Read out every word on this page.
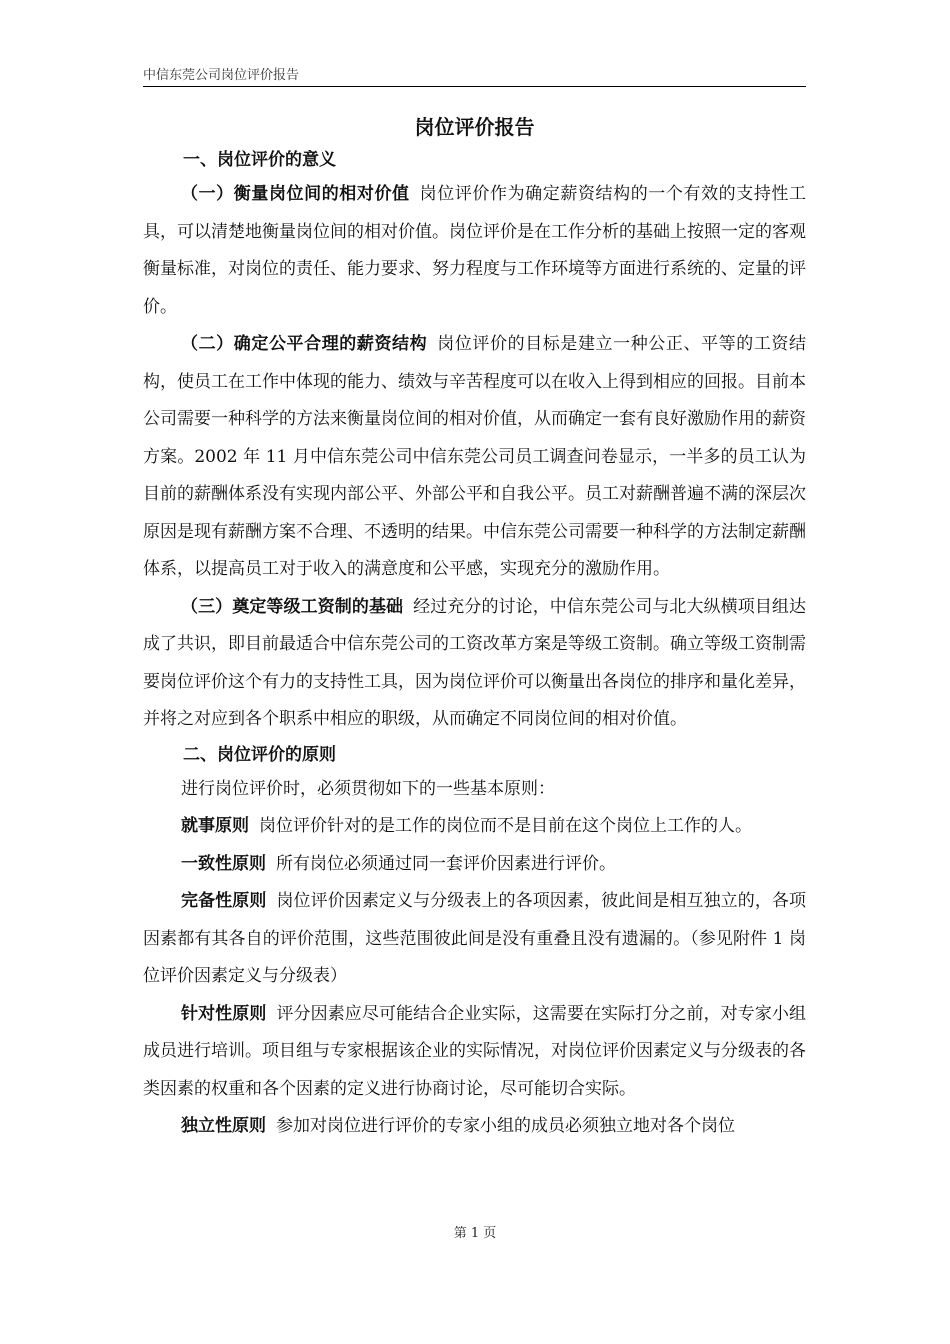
中信东莞公司岗位评价报告
岗位评价报告
一、岗位评价的意义

（一）衡量岗位间的相对价值 岗位评价作为确定薪资结构的一个有效的支持性工具，可以清楚地衡量岗位间的相对价值。岗位评价是在工作分析的基础上按照一定的客观衡量标准，对岗位的责任、能力要求、努力程度与工作环境等方面进行系统的、定量的评价。

（二）确定公平合理的薪资结构 岗位评价的目标是建立一种公正、平等的工资结构，使员工在工作中体现的能力、绩效与辛苦程度可以在收入上得到相应的回报。目前本公司需要一种科学的方法来衡量岗位间的相对价值，从而确定一套有良好激励作用的薪资方案。2002 年 11 月中信东莞公司中信东莞公司员工调查问卷显示，一半多的员工认为目前的薪酬体系没有实现内部公平、外部公平和自我公平。员工对薪酬普遍不满的深层次原因是现有薪酬方案不合理、不透明的结果。中信东莞公司需要一种科学的方法制定薪酬体系，以提高员工对于收入的满意度和公平感，实现充分的激励作用。

（三）奠定等级工资制的基础 经过充分的讨论，中信东莞公司与北大纵横项目组达成了共识，即目前最适合中信东莞公司的工资改革方案是等级工资制。确立等级工资制需要岗位评价这个有力的支持性工具，因为岗位评价可以衡量出各岗位的排序和量化差异，并将之对应到各个职系中相应的职级，从而确定不同岗位间的相对价值。

二、岗位评价的原则

进行岗位评价时，必须贯彻如下的一些基本原则：

就事原则 岗位评价针对的是工作的岗位而不是目前在这个岗位上工作的人。

一致性原则 所有岗位必须通过同一套评价因素进行评价。

完备性原则 岗位评价因素定义与分级表上的各项因素，彼此间是相互独立的，各项因素都有其各自的评价范围，这些范围彼此间是没有重叠且没有遗漏的。（参见附件 1 岗位评价因素定义与分级表）

针对性原则 评分因素应尽可能结合企业实际，这需要在实际打分之前，对专家小组成员进行培训。项目组与专家根据该企业的实际情况，对岗位评价因素定义与分级表的各类因素的权重和各个因素的定义进行协商讨论，尽可能切合实际。

独立性原则 参加对岗位进行评价的专家小组的成员必须独立地对各个岗位

第 1 页
